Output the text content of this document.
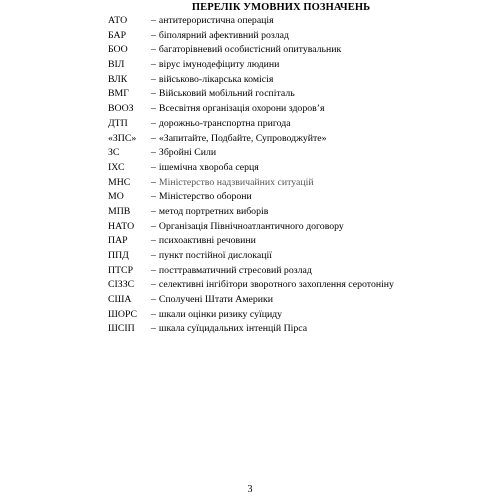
ПЕРЕЛІК УМОВНИХ ПОЗНАЧЕНЬ
АТО	– антитерористична операція
БАР	– біполярний афективний розлад
БОО	– багаторівневий особистісний опитувальник
ВІЛ	– вірус імунодефіциту людини
ВЛК	– військово-лікарська комісія
ВМГ	– Військовий мобільний госпіталь
ВООЗ	– Всесвітня організація охорони здоров’я
ДТП	– дорожньо-транспортна пригода
«ЗПС»	– «Запитайте, Подбайте, Супроводжуйте»
ЗС	– Збройні Сили
ІХС	– ішемічна хвороба серця
МНС	– Міністерство надзвичайних ситуацій
МО	– Міністерство оборони
МПВ	– метод портретних виборів
НАТО	– Організація Північноатлантичного договору
ПАР	– психоактивні речовини
ППД	– пункт постійної дислокації
ПТСР	– посттравматичний стресовий розлад
СІЗЗС	– селективні інгібітори зворотного захоплення серотоніну
США	– Сполучені Штати Америки
ШОРС	– шкали оцінки ризику суїциду
ШСІП	– шкала суїцидальних інтенцій Пірса
3
